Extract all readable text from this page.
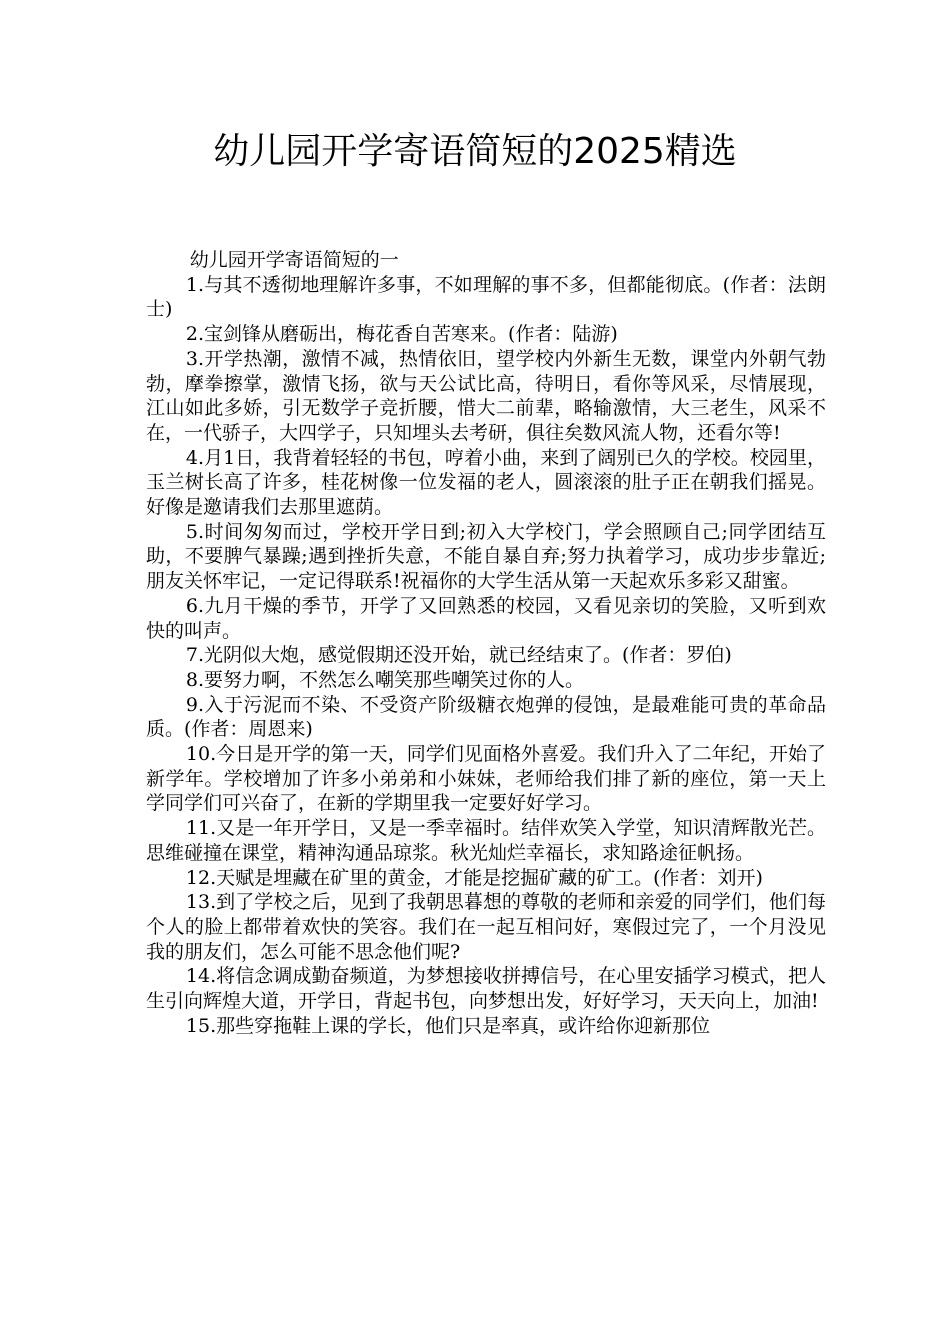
幼儿园开学寄语简短的2025精选

幼儿园开学寄语简短的一

1.与其不透彻地理解许多事，不如理解的事不多，但都能彻底。(作者：法朗士)

2.宝剑锋从磨砺出，梅花香自苦寒来。(作者：陆游)

3.开学热潮，激情不减，热情依旧，望学校内外新生无数，课堂内外朝气勃勃，摩拳擦掌，激情飞扬，欲与天公试比高，待明日，看你等风采，尽情展现，江山如此多娇，引无数学子竞折腰，惜大二前辈，略输激情，大三老生，风采不在，一代骄子，大四学子，只知埋头去考研，俱往矣数风流人物，还看尔等!

4.月1日，我背着轻轻的书包，哼着小曲，来到了阔别已久的学校。校园里，玉兰树长高了许多，桂花树像一位发福的老人，圆滚滚的肚子正在朝我们摇晃。好像是邀请我们去那里遮荫。

5.时间匆匆而过，学校开学日到;初入大学校门，学会照顾自己;同学团结互助，不要脾气暴躁;遇到挫折失意，不能自暴自弃;努力执着学习，成功步步靠近;朋友关怀牢记，一定记得联系!祝福你的大学生活从第一天起欢乐多彩又甜蜜。

6.九月干燥的季节，开学了又回熟悉的校园，又看见亲切的笑脸，又听到欢快的叫声。

7.光阴似大炮，感觉假期还没开始，就已经结束了。(作者：罗伯)

8.要努力啊，不然怎么嘲笑那些嘲笑过你的人。

9.入于污泥而不染、不受资产阶级糖衣炮弹的侵蚀，是最难能可贵的革命品质。(作者：周恩来)

10.今日是开学的第一天，同学们见面格外喜爱。我们升入了二年纪，开始了新学年。学校增加了许多小弟弟和小妹妹，老师给我们排了新的座位，第一天上学同学们可兴奋了，在新的学期里我一定要好好学习。

11.又是一年开学日，又是一季幸福时。结伴欢笑入学堂，知识清辉散光芒。思维碰撞在课堂，精神沟通品琼浆。秋光灿烂幸福长，求知路途征帆扬。

12.天赋是埋藏在矿里的黄金，才能是挖掘矿藏的矿工。(作者：刘开)

13.到了学校之后，见到了我朝思暮想的尊敬的老师和亲爱的同学们，他们每个人的脸上都带着欢快的笑容。我们在一起互相问好，寒假过完了，一个月没见我的朋友们，怎么可能不思念他们呢?

14.将信念调成勤奋频道，为梦想接收拼搏信号，在心里安插学习模式，把人生引向辉煌大道，开学日，背起书包，向梦想出发，好好学习，天天向上，加油!

15.那些穿拖鞋上课的学长，他们只是率真，或许给你迎新那位
